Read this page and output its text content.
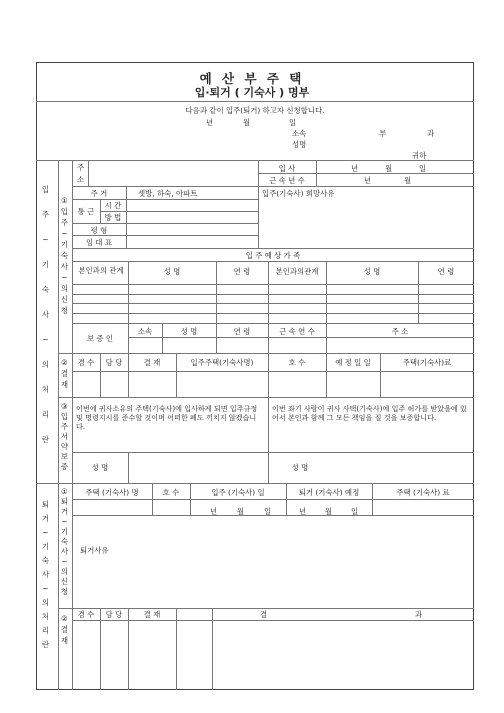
예 산 부 주 택
입·퇴거 ( 기숙사 ) 명부
다음과 같이 입주(퇴거) 하고자 신청합니다.
년	월	일
소속	부	과
성명
귀하
입
주
~
기
숙
사
~
의
처
리
란
①
입
주
~
기
숙
사
~
의
신
청
주
소
입 사	년	월	일
근 속 년 수	년	월
주 거	셋방, 하숙, 아파트	입주(기숙사) 희망사유
통 근
시 간
방 법
평 형
임 대 표
입 주 예 상 가 족
본인과의 관계	성 명	연 령	본인과의관계	성 명	연 령
보 증 인
소속	성 명	연 령	근 속 연 수	주 소
②
결
재
겸 수	담 당	결 재	입주주택(기숙사명)	호 수	예 정 일 일	주택(기숙사)료
③
입
주
서
약
보
증
이번에 귀사소유의 주택(기숙사)에 입사하게 되면 입주규정 및 명령지시를 준수할 것이며 어떠한 폐도 끼치지 않겠습니다.
이번 좌기 사람이 귀사 사택(기숙사)에 입주 허가를 받았을에 있어서 본인과 함께 그 모든 책임을 질 것을 보증합니다.
성 명	성 명
퇴
거
~
기
숙
사
~
의
처
리
란
①
퇴
거
~
기
숙
사
~
의
신
청
주택 (기숙사) 명	호 수	입주 (기숙사) 일	퇴거 (기숙사) 예정	주택 (기숙사) 료
년	월	일	년	월	일
퇴거사유
②
결
재
겸 수	담 당	결 재	결	과
